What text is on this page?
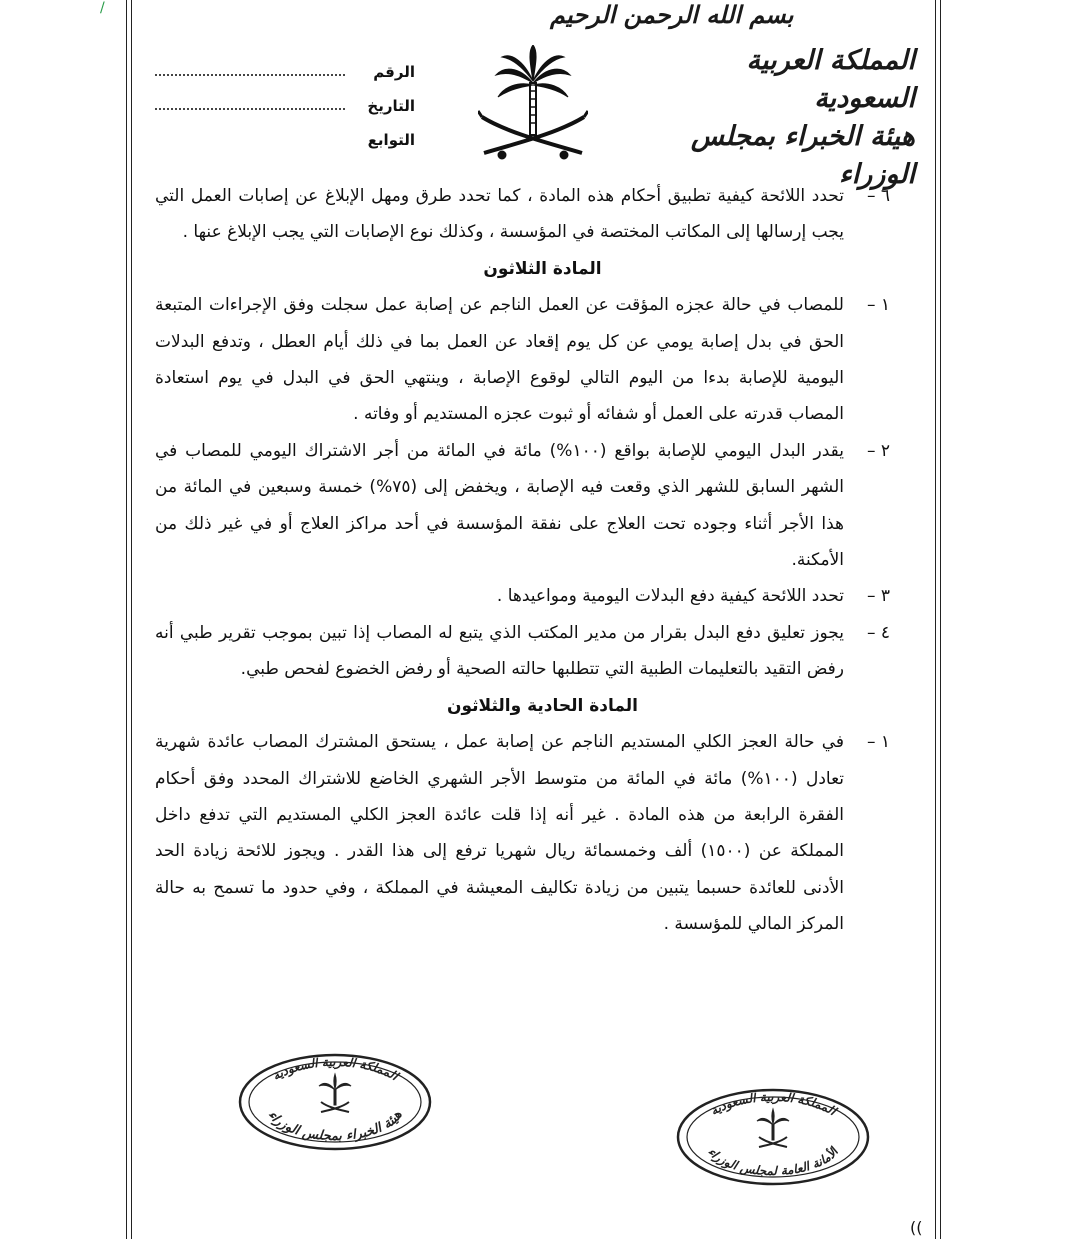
/	بسم الله الرحمن الرحيم
المملكة العربية السعودية
هيئة الخبراء بمجلس الوزراء
الرقم
التاريخ
التوابع
٦ –
تحدد اللائحة كيفية تطبيق أحكام هذه المادة ، كما تحدد طرق ومهل الإبلاغ عن إصابات العمل التي يجب إرسالها إلى المكاتب المختصة في المؤسسة ، وكذلك نوع الإصابات التي يجب الإبلاغ عنها .
المادة الثلاثون
١ –
للمصاب في حالة عجزه المؤقت عن العمل الناجم عن إصابة عمل سجلت وفق الإجراءات المتبعة الحق في بدل إصابة يومي عن كل يوم إقعاد عن العمل بما في ذلك أيام العطل ، وتدفع البدلات اليومية للإصابة بدءا من اليوم التالي لوقوع الإصابة ، وينتهي الحق في البدل في يوم استعادة المصاب قدرته على العمل أو شفائه أو ثبوت عجزه المستديم أو وفاته .
٢ –
يقدر البدل اليومي للإصابة بواقع (١٠٠%) مائة في المائة من أجر الاشتراك اليومي للمصاب في الشهر السابق للشهر الذي وقعت فيه الإصابة ، ويخفض إلى (٧٥%) خمسة وسبعين في المائة من هذا الأجر أثناء وجوده تحت العلاج على نفقة المؤسسة في أحد مراكز العلاج أو في غير ذلك من الأمكنة.
٣ –
تحدد اللائحة كيفية دفع البدلات اليومية ومواعيدها .
٤ –
يجوز تعليق دفع البدل بقرار من مدير المكتب الذي يتبع له المصاب إذا تبين بموجب تقرير طبي أنه رفض التقيد بالتعليمات الطبية التي تتطلبها حالته الصحية أو رفض الخضوع لفحص طبي.
المادة الحادية والثلاثون
١ –
في حالة العجز الكلي المستديم الناجم عن إصابة عمل ، يستحق المشترك المصاب عائدة شهرية تعادل (١٠٠%) مائة في المائة من متوسط الأجر الشهري الخاضع للاشتراك المحدد وفق أحكام الفقرة الرابعة من هذه المادة . غير أنه إذا قلت عائدة العجز الكلي المستديم التي تدفع داخل المملكة عن (١٥٠٠) ألف وخمسمائة ريال شهريا ترفع إلى هذا القدر . ويجوز للائحة زيادة الحد الأدنى للعائدة حسبما يتبين من زيادة تكاليف المعيشة في المملكة ، وفي حدود ما تسمح به حالة المركز المالي للمؤسسة .
المملكة العربية السعودية
هيئة الخبراء بمجلس الوزراء	المملكة العربية السعودية
الأمانة العامة لمجلس الوزراء
((
